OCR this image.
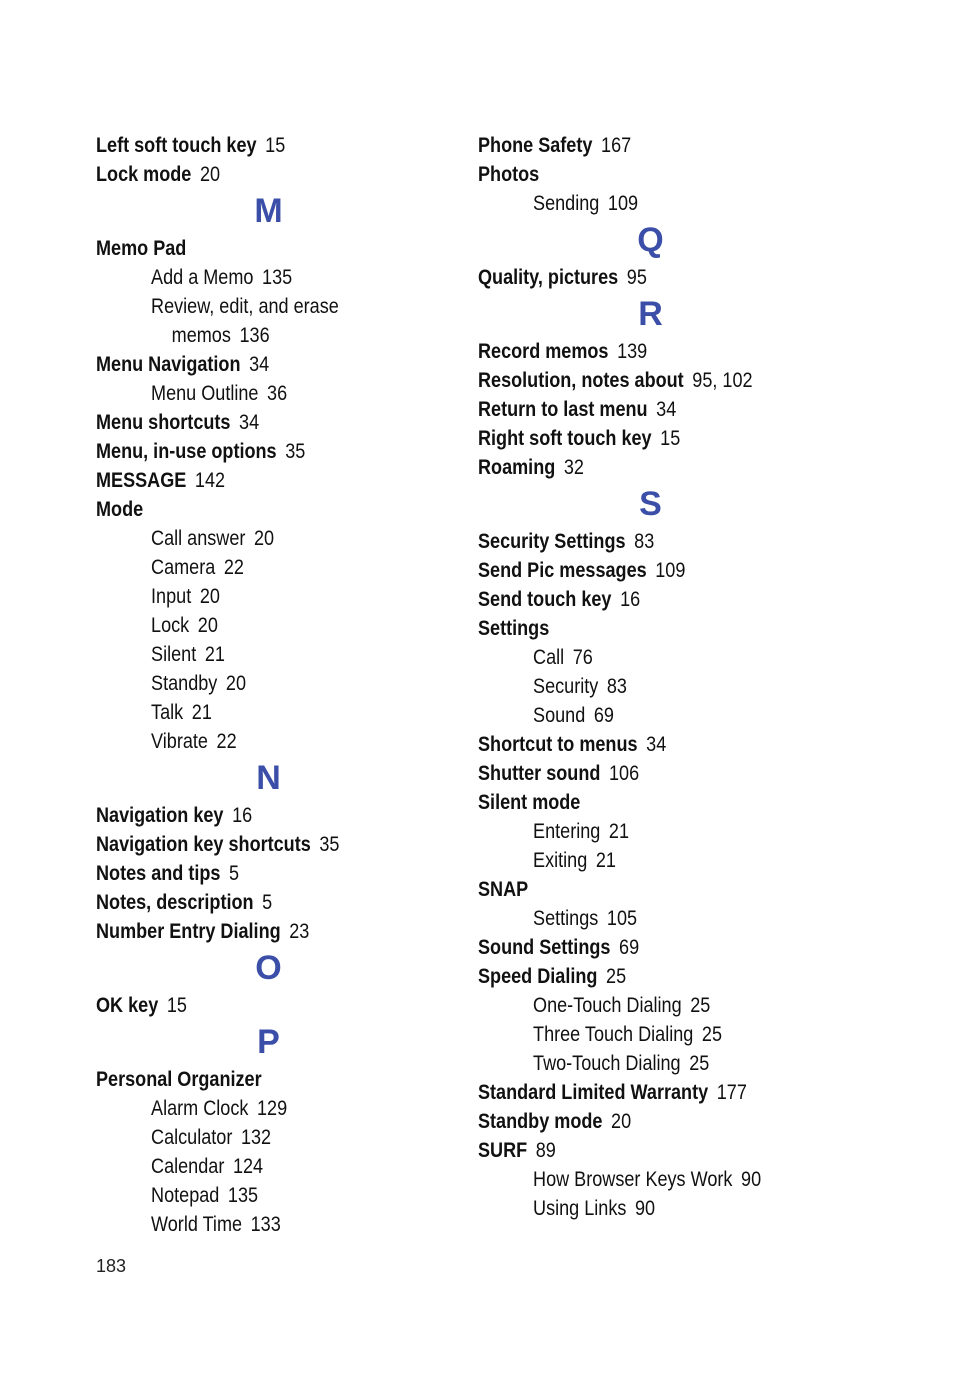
Left soft touch key 15
Lock mode 20
M
Memo Pad
Add a Memo 135
Review, edit, and erase
memos 136
Menu Navigation 34
Menu Outline 36
Menu shortcuts 34
Menu, in-use options 35
MESSAGE 142
Mode
Call answer 20
Camera 22
Input 20
Lock 20
Silent 21
Standby 20
Talk 21
Vibrate 22
N
Navigation key 16
Navigation key shortcuts 35
Notes and tips 5
Notes, description 5
Number Entry Dialing 23
O
OK key 15
P
Personal Organizer
Alarm Clock 129
Calculator 132
Calendar 124
Notepad 135
World Time 133
Phone Safety 167
Photos
Sending 109
Q
Quality, pictures 95
R
Record memos 139
Resolution, notes about 95, 102
Return to last menu 34
Right soft touch key 15
Roaming 32
S
Security Settings 83
Send Pic messages 109
Send touch key 16
Settings
Call 76
Security 83
Sound 69
Shortcut to menus 34
Shutter sound 106
Silent mode
Entering 21
Exiting 21
SNAP
Settings 105
Sound Settings 69
Speed Dialing 25
One-Touch Dialing 25
Three Touch Dialing 25
Two-Touch Dialing 25
Standard Limited Warranty 177
Standby mode 20
SURF 89
How Browser Keys Work 90
Using Links 90
183
